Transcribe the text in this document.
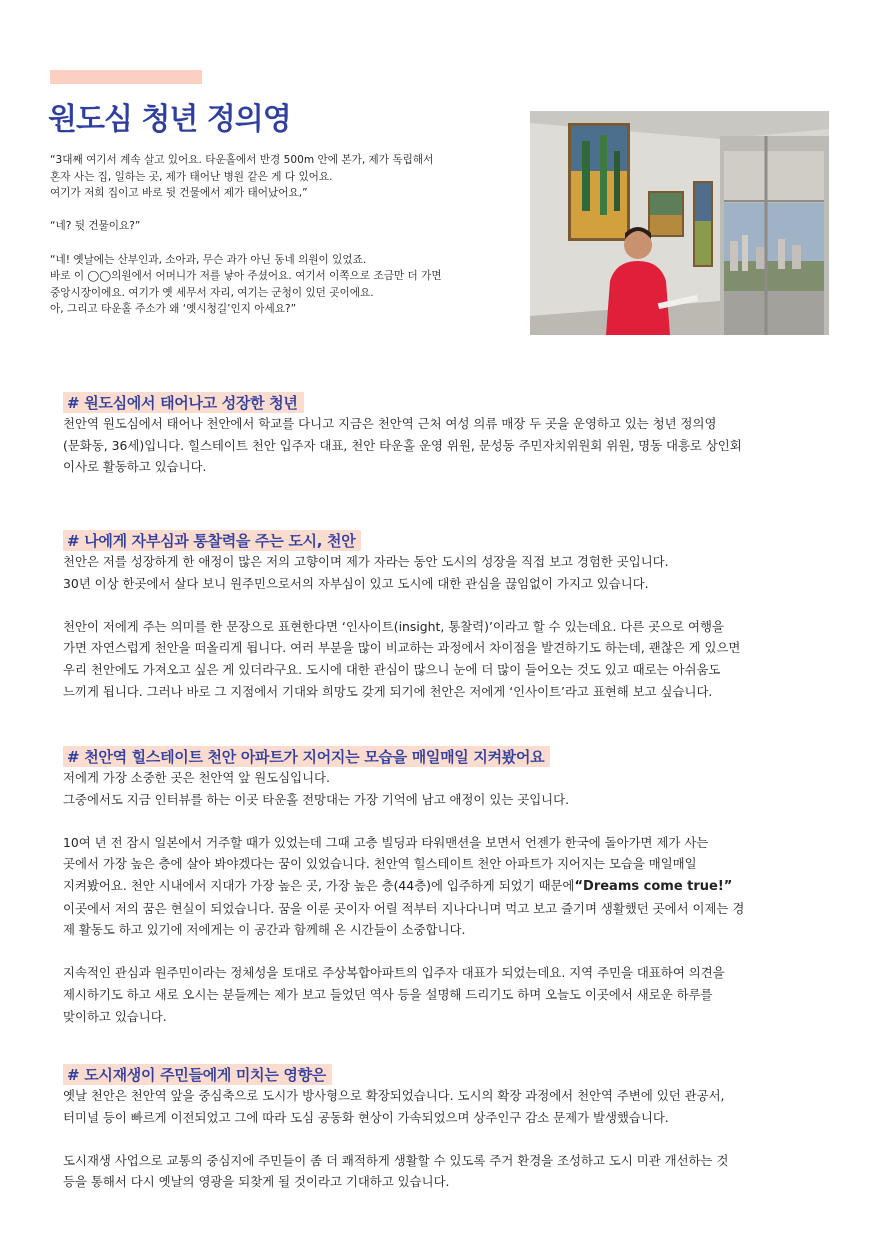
원도심 청년 정의영

“3대째 여기서 계속 살고 있어요. 타운홀에서 반경 500m 안에 본가, 제가 독립해서
혼자 사는 집, 일하는 곳, 제가 태어난 병원 같은 게 다 있어요.
여기가 저희 집이고 바로 뒷 건물에서 제가 태어났어요,”

“네? 뒷 건물이요?”

“네! 옛날에는 산부인과, 소아과, 무슨 과가 아닌 동네 의원이 있었죠.
바로 이 ◯◯의원에서 어머니가 저를 낳아 주셨어요. 여기서 이쪽으로 조금만 더 가면
중앙시장이에요. 여기가 옛 세무서 자리, 여기는 군청이 있던 곳이에요.
아, 그리고 타운홀 주소가 왜 ‘옛시청길’인지 아세요?”

# 원도심에서 태어나고 성장한 청년
천안역 원도심에서 태어나 천안에서 학교를 다니고 지금은 천안역 근처 여성 의류 매장 두 곳을 운영하고 있는 청년 정의영
(문화동, 36세)입니다. 힐스테이트 천안 입주자 대표, 천안 타운홀 운영 위원, 문성동 주민자치위원회 위원, 명동 대흥로 상인회
이사로 활동하고 있습니다.
# 나에게 자부심과 통찰력을 주는 도시, 천안
천안은 저를 성장하게 한 애정이 많은 저의 고향이며 제가 자라는 동안 도시의 성장을 직접 보고 경험한 곳입니다.
30년 이상 한곳에서 살다 보니 원주민으로서의 자부심이 있고 도시에 대한 관심을 끊임없이 가지고 있습니다.
천안이 저에게 주는 의미를 한 문장으로 표현한다면 ‘인사이트(insight, 통찰력)’이라고 할 수 있는데요. 다른 곳으로 여행을
가면 자연스럽게 천안을 떠올리게 됩니다. 여러 부분을 많이 비교하는 과정에서 차이점을 발견하기도 하는데, 괜찮은 게 있으면
우리 천안에도 가져오고 싶은 게 있더라구요. 도시에 대한 관심이 많으니 눈에 더 많이 들어오는 것도 있고 때로는 아쉬움도
느끼게 됩니다. 그러나 바로 그 지점에서 기대와 희망도 갖게 되기에 천안은 저에게 ‘인사이트’라고 표현해 보고 싶습니다.
# 천안역 힐스테이트 천안 아파트가 지어지는 모습을 매일매일 지켜봤어요
저에게 가장 소중한 곳은 천안역 앞 원도심입니다.
그중에서도 지금 인터뷰를 하는 이곳 타운홀 전망대는 가장 기억에 남고 애정이 있는 곳입니다.
10여 년 전 잠시 일본에서 거주할 때가 있었는데 그때 고층 빌딩과 타워맨션을 보면서 언젠가 한국에 돌아가면 제가 사는
곳에서 가장 높은 층에 살아 봐야겠다는 꿈이 있었습니다. 천안역 힐스테이트 천안 아파트가 지어지는 모습을 매일매일
지켜봤어요. 천안 시내에서 지대가 가장 높은 곳, 가장 높은 층(44층)에 입주하게 되었기 때문에“Dreams come true!”
이곳에서 저의 꿈은 현실이 되었습니다. 꿈을 이룬 곳이자 어릴 적부터 지나다니며 먹고 보고 즐기며 생활했던 곳에서 이제는 경
제 활동도 하고 있기에 저에게는 이 공간과 함께해 온 시간들이 소중합니다.
지속적인 관심과 원주민이라는 정체성을 토대로 주상복합아파트의 입주자 대표가 되었는데요. 지역 주민을 대표하여 의견을
제시하기도 하고 새로 오시는 분들께는 제가 보고 들었던 역사 등을 설명해 드리기도 하며 오늘도 이곳에서 새로운 하루를
맞이하고 있습니다.
# 도시재생이 주민들에게 미치는 영향은
옛날 천안은 천안역 앞을 중심축으로 도시가 방사형으로 확장되었습니다. 도시의 확장 과정에서 천안역 주변에 있던 관공서,
터미널 등이 빠르게 이전되었고 그에 따라 도심 공동화 현상이 가속되었으며 상주인구 감소 문제가 발생했습니다.
도시재생 사업으로 교통의 중심지에 주민들이 좀 더 쾌적하게 생활할 수 있도록 주거 환경을 조성하고 도시 미관 개선하는 것
등을 통해서 다시 옛날의 영광을 되찾게 될 것이라고 기대하고 있습니다.
